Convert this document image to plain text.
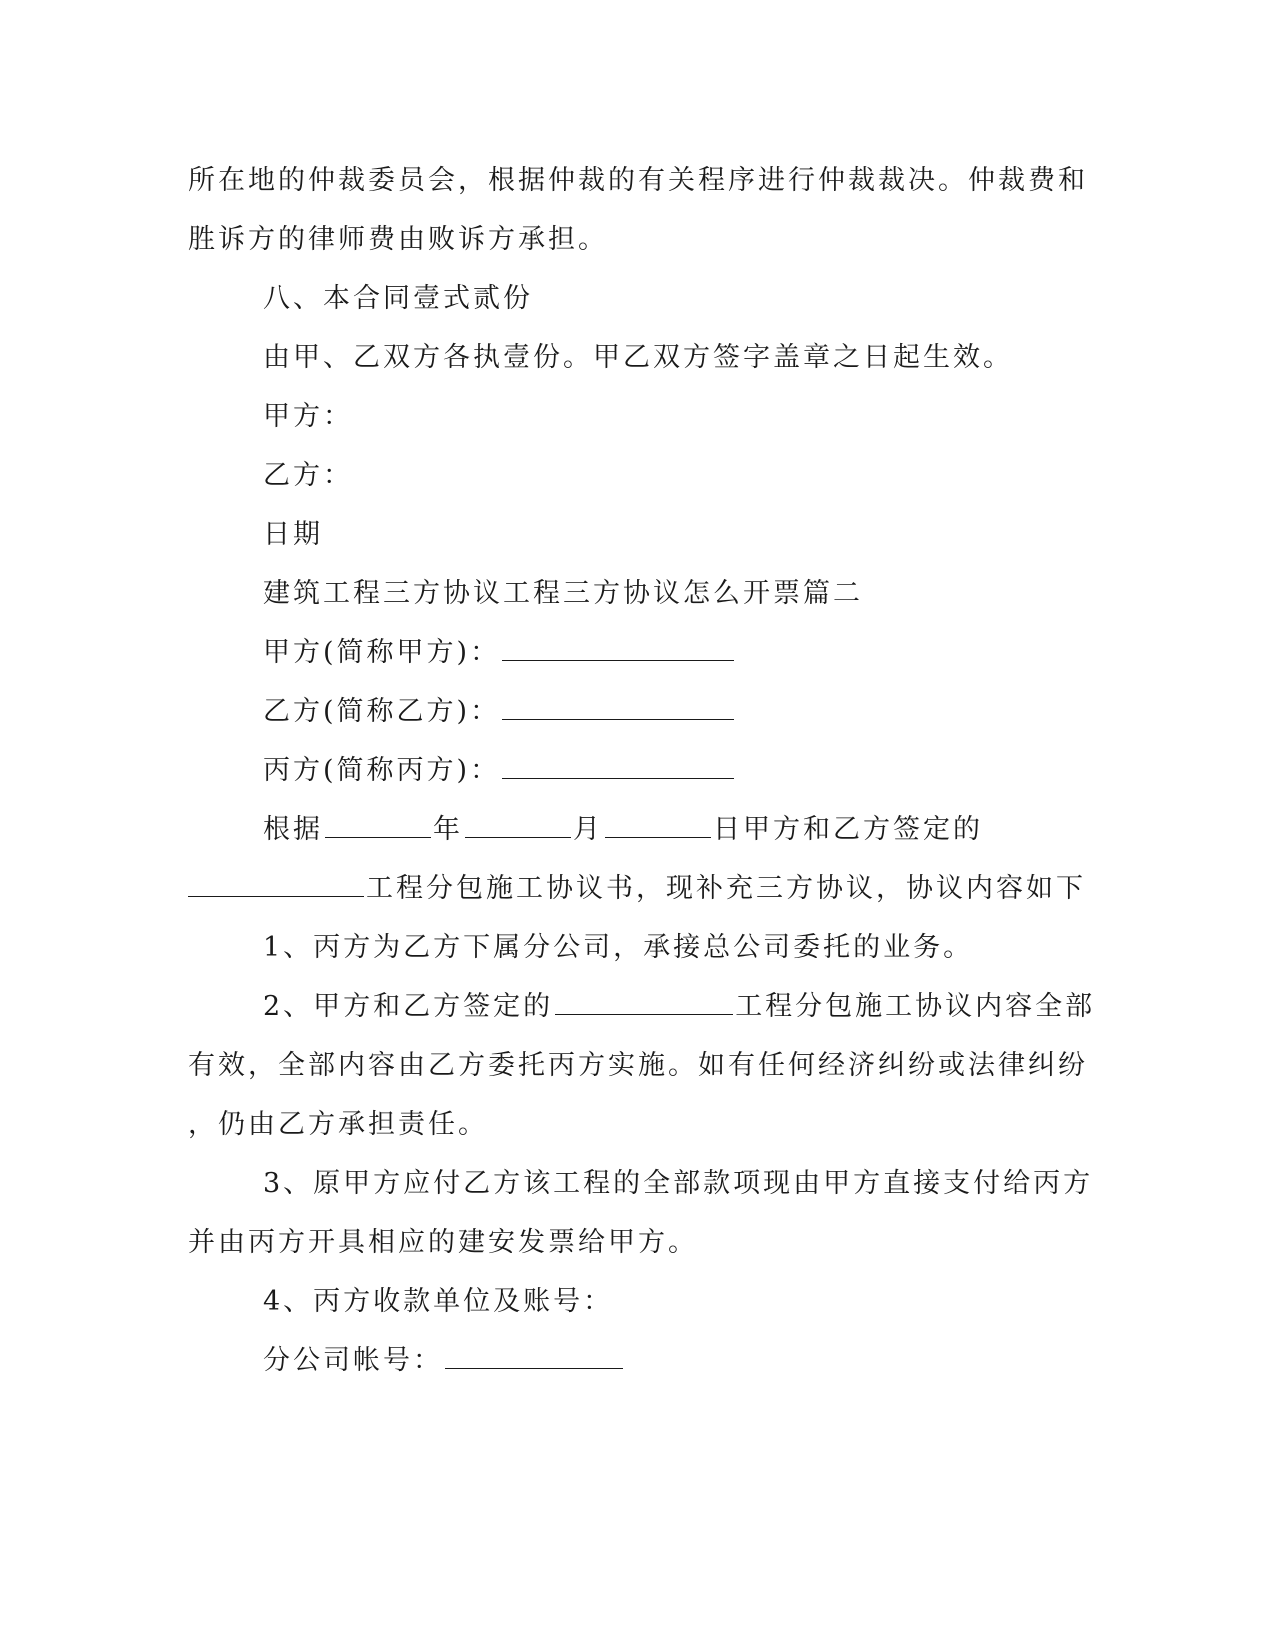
所在地的仲裁委员会，根据仲裁的有关程序进行仲裁裁决。仲裁费和
胜诉方的律师费由败诉方承担。
八、本合同壹式贰份
由甲、乙双方各执壹份。甲乙双方签字盖章之日起生效。
甲方：
乙方：
日期
建筑工程三方协议工程三方协议怎么开票篇二
甲方(简称甲方)：
乙方(简称乙方)：
丙方(简称丙方)：
根据	年	月	日甲方和乙方签定的
工程分包施工协议书，现补充三方协议，协议内容如下
1、丙方为乙方下属分公司，承接总公司委托的业务。
2、甲方和乙方签定的	工程分包施工协议内容全部
有效，全部内容由乙方委托丙方实施。如有任何经济纠纷或法律纠纷
，仍由乙方承担责任。
3、原甲方应付乙方该工程的全部款项现由甲方直接支付给丙方
并由丙方开具相应的建安发票给甲方。
4、丙方收款单位及账号：
分公司帐号：
